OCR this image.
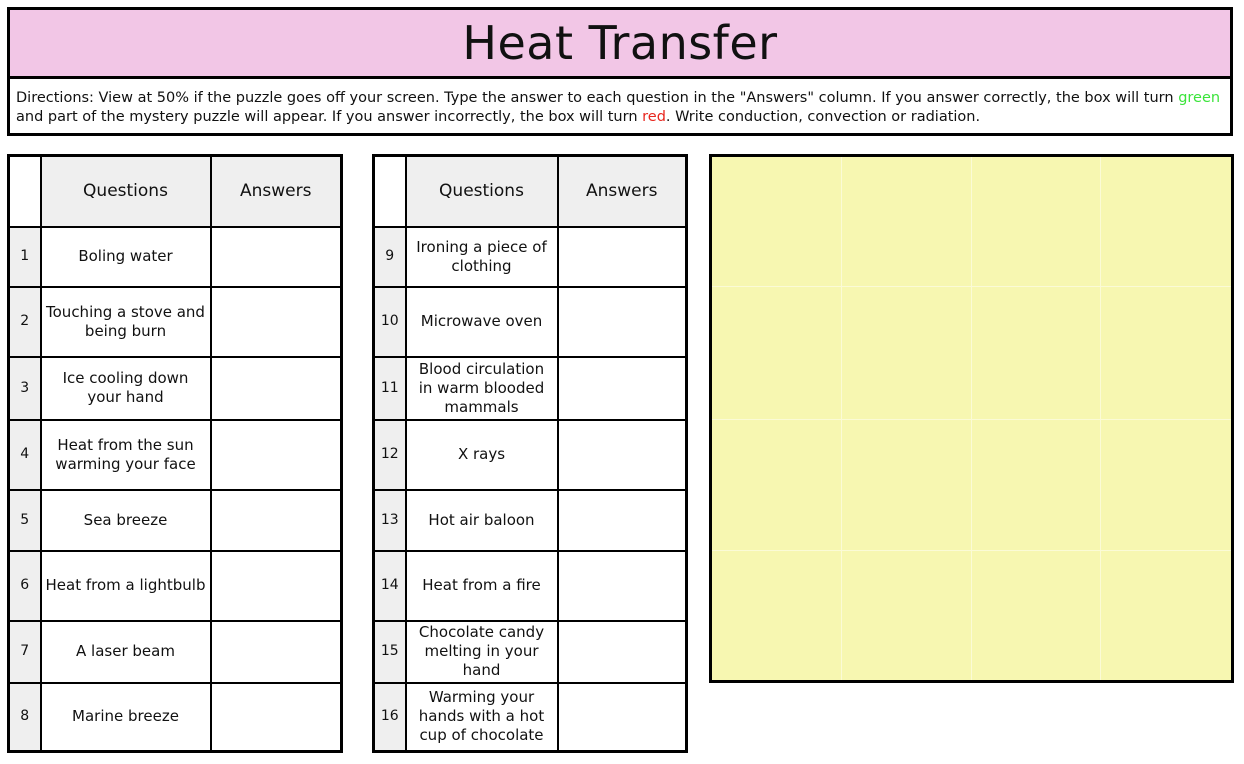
Heat Transfer
Directions: View at 50% if the puzzle goes off your screen. Type the answer to each question in the "Answers" column. If you answer correctly, the box will turn green and part of the mystery puzzle will appear. If you answer incorrectly, the box will turn red. Write conduction, convection or radiation.
	Questions	Answers
1	Boling water	
2	Touching a stove and being burn	
3	Ice cooling down your hand	
4	Heat from the sun warming your face	
5	Sea breeze	
6	Heat from a lightbulb	
7	A laser beam	
8	Marine breeze	
	Questions	Answers
9	Ironing a piece of clothing	
10	Microwave oven	
11	Blood circulation in warm blooded mammals	
12	X rays	
13	Hot air baloon	
14	Heat from a fire	
15	Chocolate candy melting in your hand	
16	Warming your hands with a hot cup of chocolate	
